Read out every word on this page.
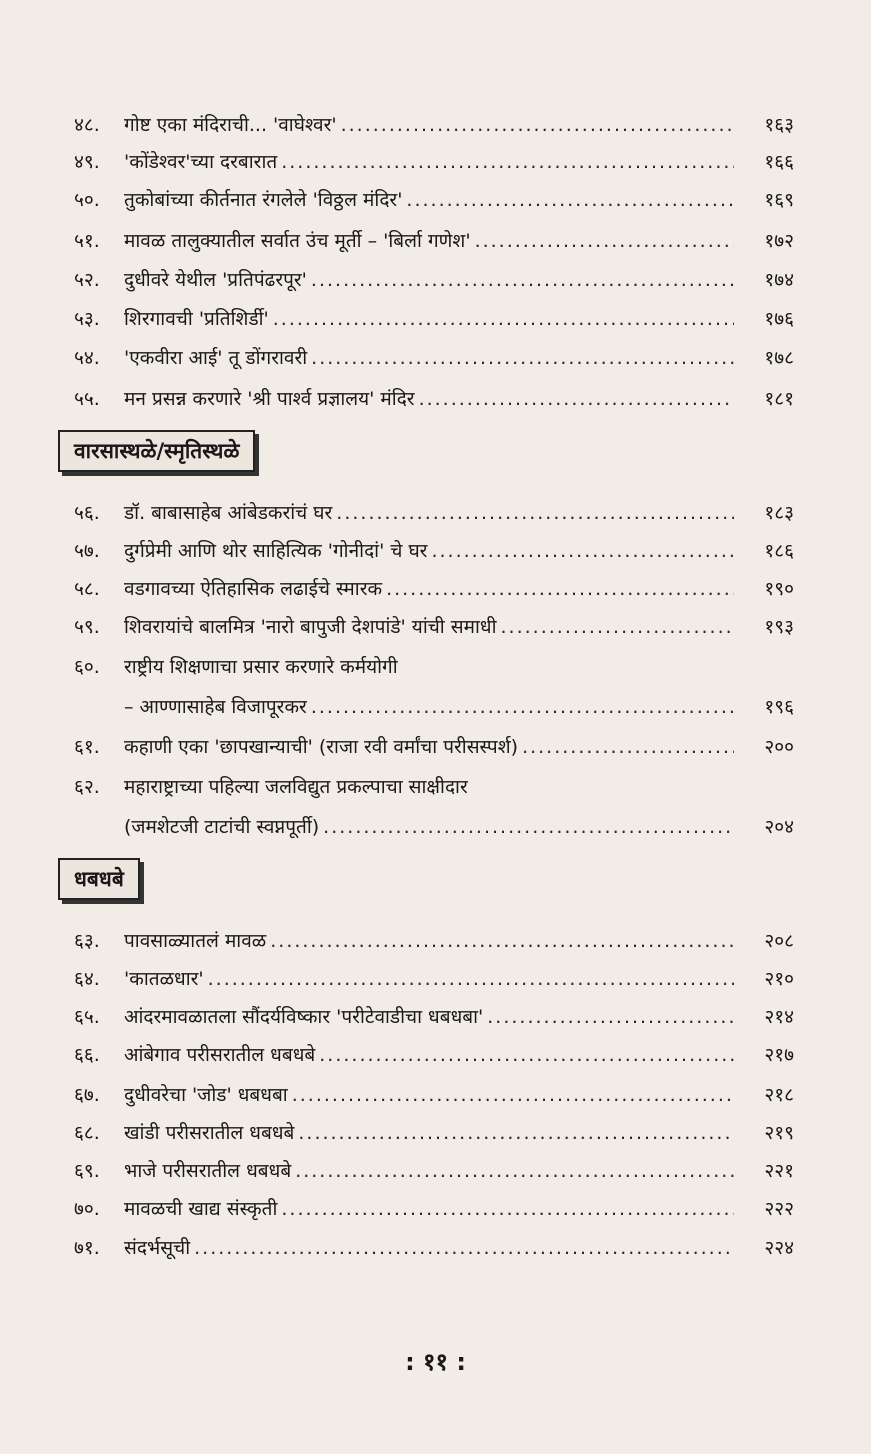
४८.	गोष्ट एका मंदिराची... 'वाघेश्वर' .....	१६३
४९.	'कोंडेश्वर'च्या दरबारात .....	१६६
५०.	तुकोबांच्या कीर्तनात रंगलेले 'विठ्ठल मंदिर' .....	१६९
५१.	मावळ तालुक्यातील सर्वात उंच मूर्ती – 'बिर्ला गणेश' .....	१७२
५२.	दुधीवरे येथील 'प्रतिपंढरपूर' .....	१७४
५३.	शिरगावची 'प्रतिशिर्डी' .....	१७६
५४.	'एकवीरा आई' तू डोंगरावरी .....	१७८
५५.	मन प्रसन्न करणारे 'श्री पार्श्व प्रज्ञालय' मंदिर .....	१८१
वारसास्थळे/स्मृतिस्थळे
५६.	डॉ. बाबासाहेब आंबेडकरांचं घर .....	१८३
५७.	दुर्गप्रेमी आणि थोर साहित्यिक 'गोनीदां' चे घर .....	१८६
५८.	वडगावच्या ऐतिहासिक लढाईचे स्मारक .....	१९०
५९.	शिवरायांचे बालमित्र 'नारो बापुजी देशपांडे' यांची समाधी .....	१९३
६०.	राष्ट्रीय शिक्षणाचा प्रसार करणारे कर्मयोगी
– आण्णासाहेब विजापूरकर .....	१९६
६१.	कहाणी एका 'छापखान्याची' (राजा रवी वर्मांचा परीसस्पर्श) .....	२००
६२.	महाराष्ट्राच्या पहिल्या जलविद्युत प्रकल्पाचा साक्षीदार
(जमशेटजी टाटांची स्वप्नपूर्ती) .....	२०४
धबधबे
६३.	पावसाळ्यातलं मावळ .....	२०८
६४.	'कातळधार' .....	२१०
६५.	आंदरमावळातला सौंदर्यविष्कार 'परीटेवाडीचा धबधबा' .....	२१४
६६.	आंबेगाव परीसरातील धबधबे .....	२१७
६७.	दुधीवरेचा 'जोड' धबधबा .....	२१८
६८.	खांडी परीसरातील धबधबे .....	२१९
६९.	भाजे परीसरातील धबधबे .....	२२१
७०.	मावळची खाद्य संस्कृती .....	२२२
७१.	संदर्भसूची .....	२२४
: ११ :
